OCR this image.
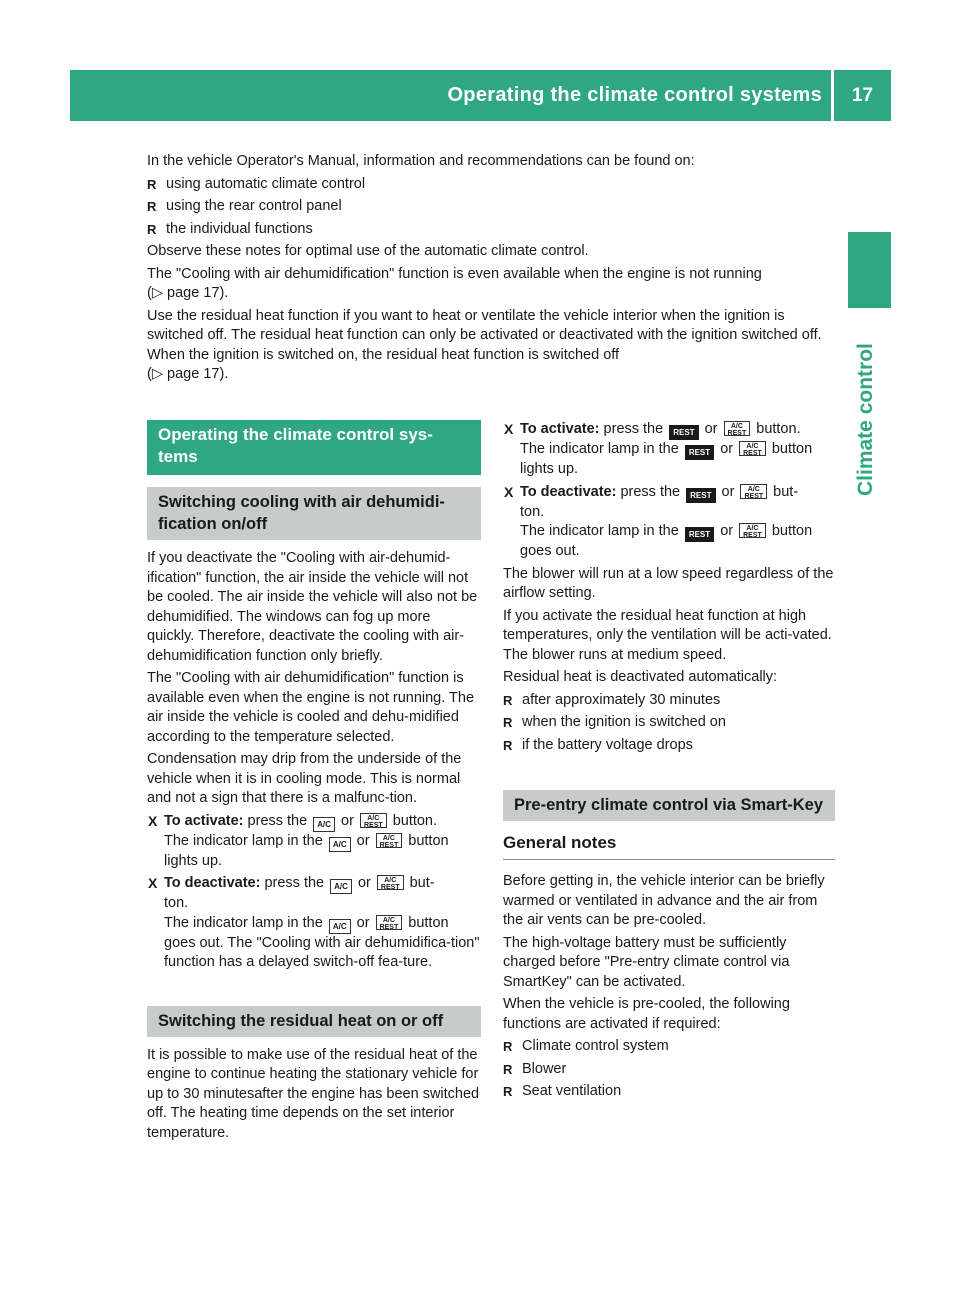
Operating the climate control systems	17
Climate control

In the vehicle Operator's Manual, information and recommendations can be found on:

R using automatic climate control
R using the rear control panel
R the individual functions

Observe these notes for optimal use of the automatic climate control.

The "Cooling with air dehumidification" function is even available when the engine is not running
(▷ page 17).

Use the residual heat function if you want to heat or ventilate the vehicle interior when the ignition is switched off. The residual heat function can only be activated or deactivated with the ignition switched off. When the ignition is switched on, the residual heat function is switched off
(▷ page 17).

Operating the climate control sys-tems
Switching cooling with air dehumidi-fication on/off

If you deactivate the "Cooling with air-dehumid-ification" function, the air inside the vehicle will not be cooled. The air inside the vehicle will also not be dehumidified. The windows can fog up more quickly. Therefore, deactivate the cooling with air-dehumidification function only briefly.

The "Cooling with air dehumidification" function is available even when the engine is not running. The air inside the vehicle is cooled and dehu-midified according to the temperature selected.

Condensation may drip from the underside of the vehicle when it is in cooling mode. This is normal and not a sign that there is a malfunc-tion.

X To activate: press the A/C or	A/C
REST button.
The indicator lamp in the A/C or	A/C
REST button
lights up.
X To deactivate: press the A/C or	A/C
REST but-
ton.
The indicator lamp in the A/C or	A/C
REST button goes out. The "Cooling with air dehumidifica-tion" function has a delayed switch-off fea-ture.
Switching the residual heat on or off

It is possible to make use of the residual heat of the engine to continue heating the stationary vehicle for up to 30 minutesafter the engine has been switched off. The heating time depends on the set interior temperature.

X To activate: press the REST or	A/C
REST button.
The indicator lamp in the REST or	A/C
REST button
lights up.
X To deactivate: press the REST or	A/C
REST but-
ton.
The indicator lamp in the REST or	A/C
REST button
goes out.

The blower will run at a low speed regardless of the airflow setting.

If you activate the residual heat function at high temperatures, only the ventilation will be acti-vated. The blower runs at medium speed.

Residual heat is deactivated automatically:

R after approximately 30 minutes
R when the ignition is switched on
R if the battery voltage drops
Pre-entry climate control via Smart-Key
General notes

Before getting in, the vehicle interior can be briefly warmed or ventilated in advance and the air from the air vents can be pre-cooled.

The high-voltage battery must be sufficiently charged before "Pre-entry climate control via SmartKey" can be activated.

When the vehicle is pre-cooled, the following functions are activated if required:

R Climate control system
R Blower
R Seat ventilation
